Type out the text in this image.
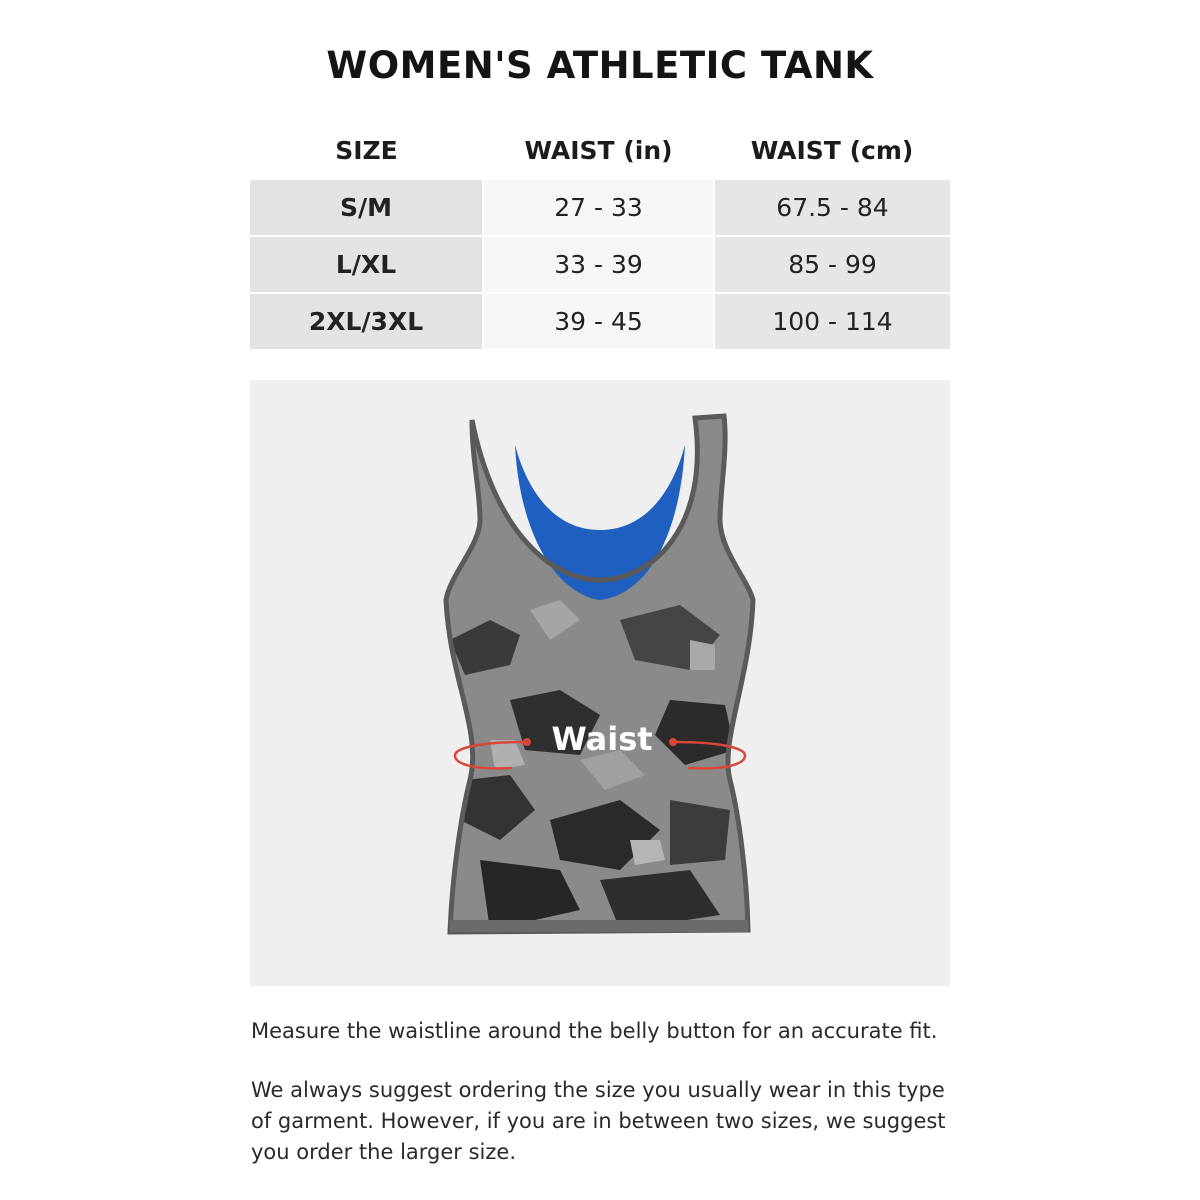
WOMEN'S ATHLETIC TANK
SIZE	WAIST (in)	WAIST (cm)
S/M	27 - 33	67.5 - 84
L/XL	33 - 39	85 - 99
2XL/3XL	39 - 45	100 - 114
Waist
Measure the waistline around the belly button for an accurate fit.
We always suggest ordering the size you usually wear in this type of garment. However, if you are in between two sizes, we suggest you order the larger size.
